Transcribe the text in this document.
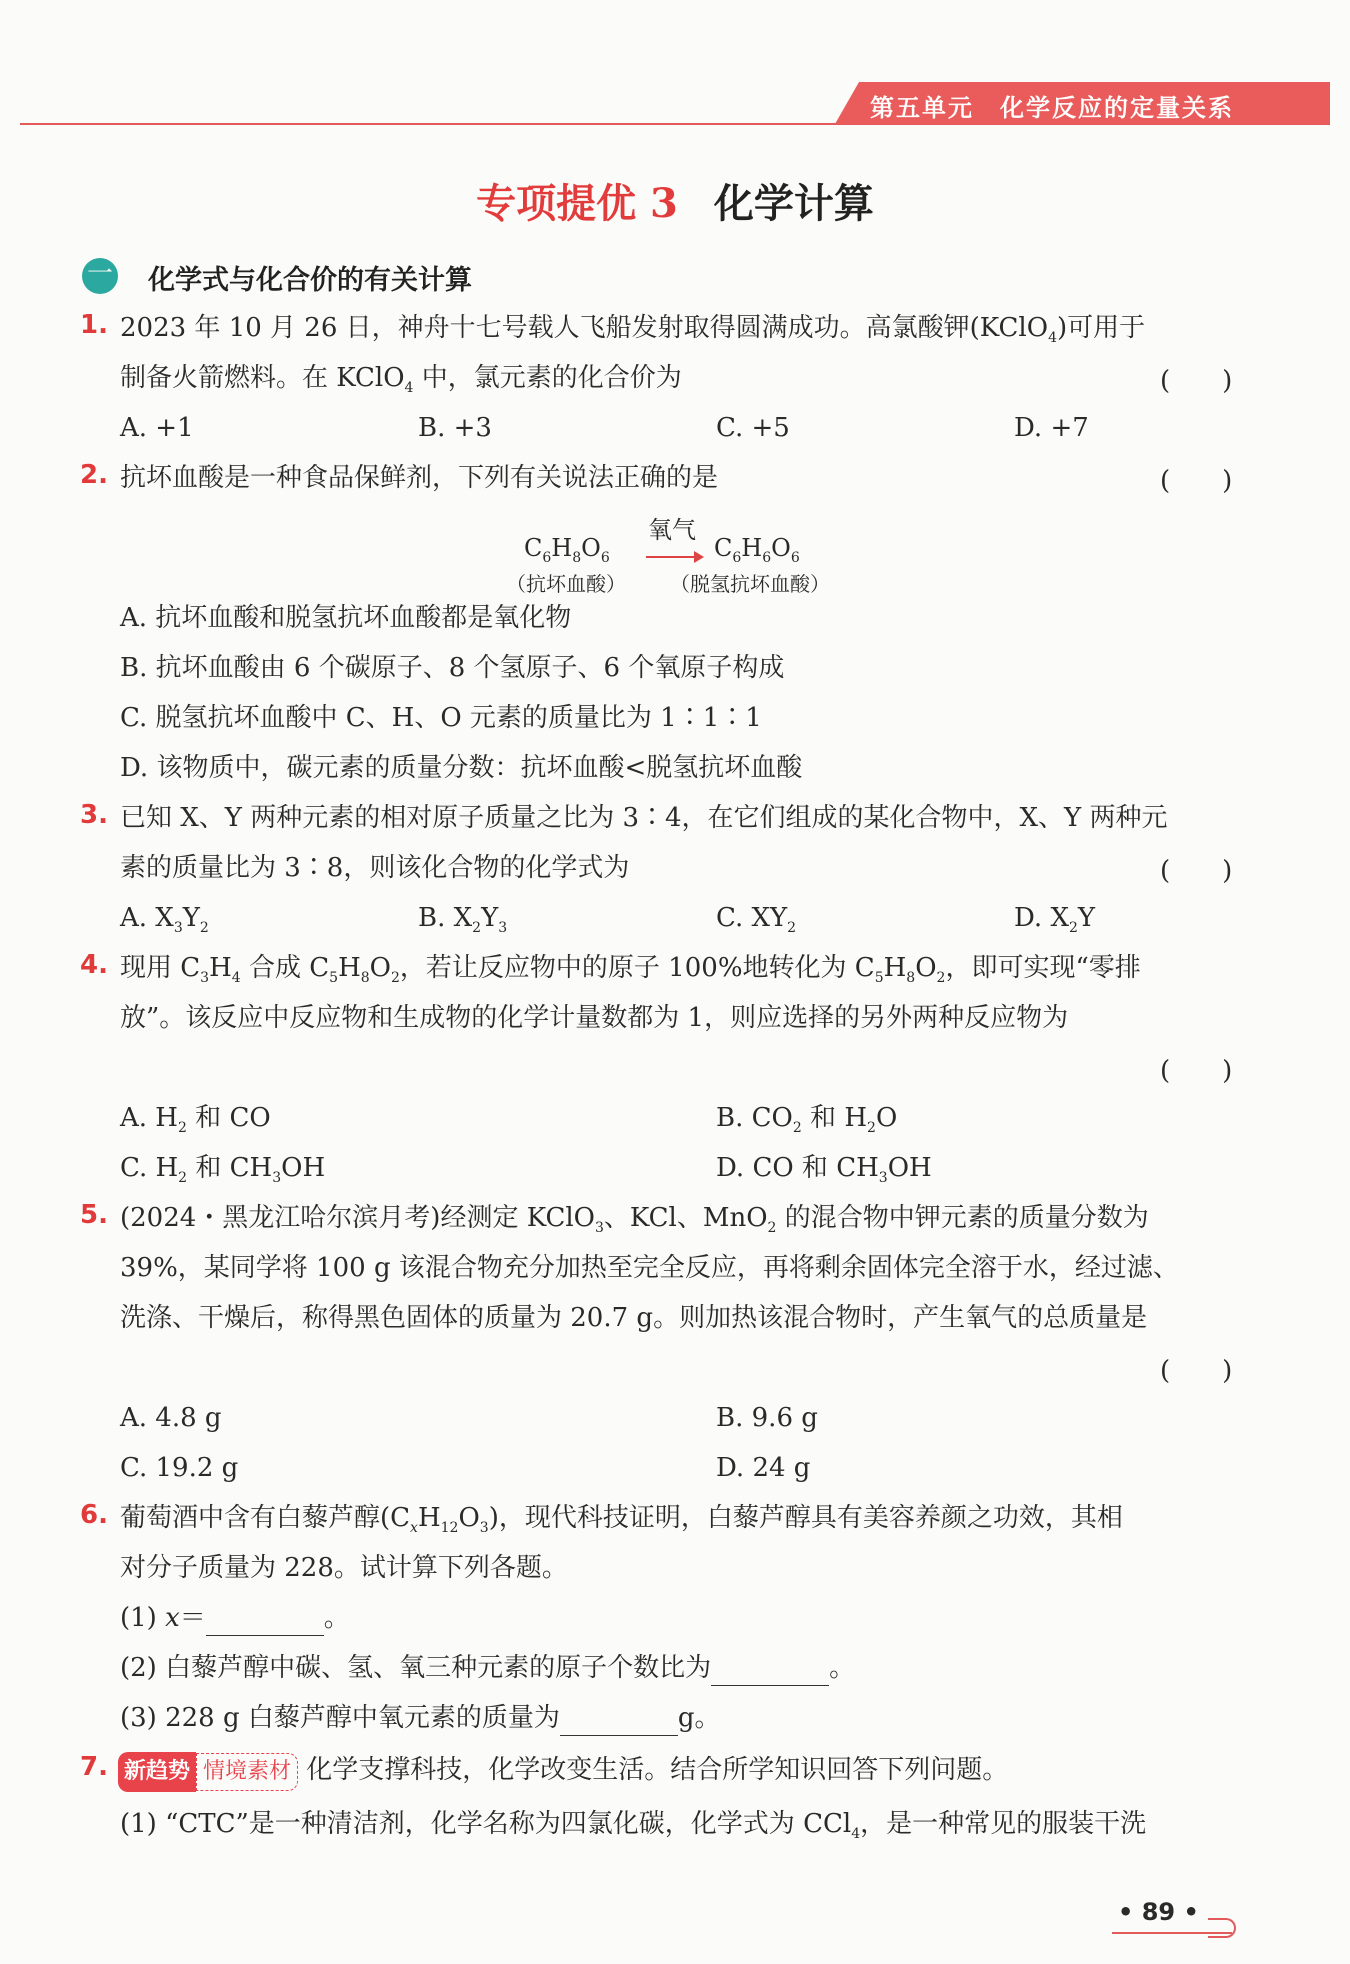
第五单元　化学反应的定量关系
专项提优 3 化学计算
一 化学式与化合价的有关计算
1. 2023 年 10 月 26 日，神舟十七号载人飞船发射取得圆满成功。高氯酸钾(KClO$_4$)可用于
制备火箭燃料。在 KClO$_4$ 中，氯元素的化合价为	(　　)
A. +1	B. +3	C. +5	D. +7
2. 抗坏血酸是一种食品保鲜剂，下列有关说法正确的是	(　　)
$C_6H_8O_6$
氧气
→ $C_6H_6O_6$
（抗坏血酸） （脱氢抗坏血酸）
A. 抗坏血酸和脱氢抗坏血酸都是氧化物
B. 抗坏血酸由 6 个碳原子、8 个氢原子、6 个氧原子构成
C. 脱氢抗坏血酸中 C、H、O 元素的质量比为 1∶1∶1
D. 该物质中，碳元素的质量分数：抗坏血酸<脱氢抗坏血酸
3. 已知 X、Y 两种元素的相对原子质量之比为 3∶4，在它们组成的某化合物中，X、Y 两种元
素的质量比为 3∶8，则该化合物的化学式为	(　　)
A. $X_3Y_2$	B. $X_2Y_3$	C. $XY_2$	D. $X_2Y$
4. 现用 $C_3H_4$ 合成 $C_5H_8O_2$，若让反应物中的原子 100%地转化为 $C_5H_8O_2$，即可实现“零排
放”。该反应中反应物和生成物的化学计量数都为 1，则应选择的另外两种反应物为
(　　)
A. $H_2$ 和 CO	B. $CO_2$ 和 $H_2O$
C. $H_2$ 和 $CH_3OH$	D. CO 和 $CH_3OH$
5. (2024・黑龙江哈尔滨月考)经测定 KClO$_3$、KCl、MnO$_2$ 的混合物中钾元素的质量分数为
39%，某同学将 100 g 该混合物充分加热至完全反应，再将剩余固体完全溶于水，经过滤、
洗涤、干燥后，称得黑色固体的质量为 20.7 g。则加热该混合物时，产生氧气的总质量是
(　　)
A. 4.8 g	B. 9.6 g
C. 19.2 g	D. 24 g
6. 葡萄酒中含有白藜芦醇$(C_xH_{12}O_3)$，现代科技证明，白藜芦醇具有美容养颜之功效，其相
对分子质量为 228。试计算下列各题。
(1) x＝	。
(2) 白藜芦醇中碳、氢、氧三种元素的原子个数比为	。
(3) 228 g 白藜芦醇中氧元素的质量为	g。
7. 新趋势 情境素材 化学支撑科技，化学改变生活。结合所学知识回答下列问题。
(1) “CTC”是一种清洁剂，化学名称为四氯化碳，化学式为 CCl$_4$，是一种常见的服装干洗
• 89 •
